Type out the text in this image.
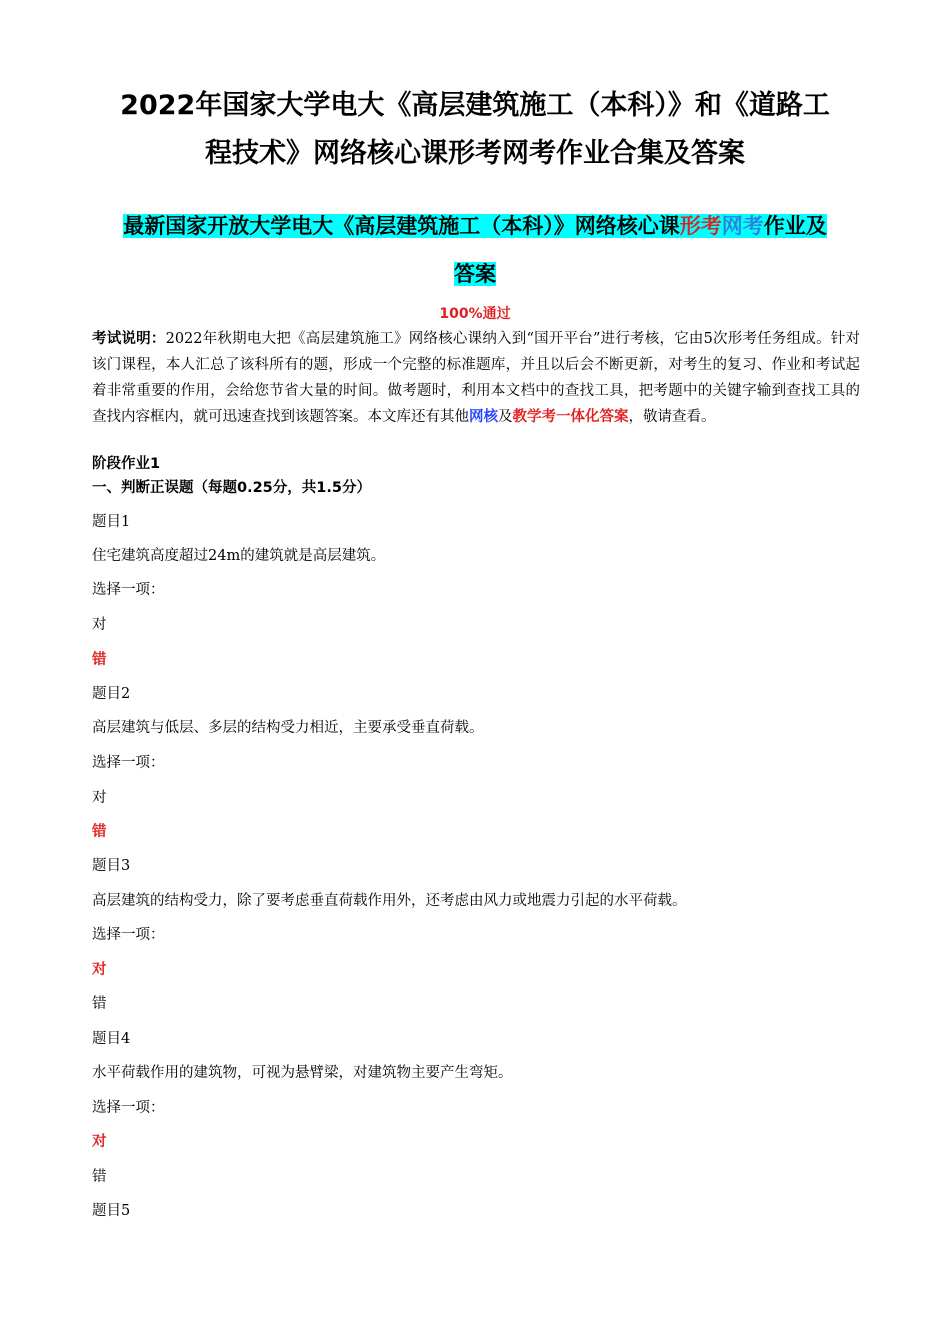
2022年国家大学电大《高层建筑施工（本科）》和《道路工
程技术》网络核心课形考网考作业合集及答案
最新国家开放大学电大《高层建筑施工（本科）》网络核心课形考网考作业及
答案
100%通过
考试说明：2022年秋期电大把《高层建筑施工》网络核心课纳入到“国开平台”进行考核，它由5次形考任务组成。针对该门课程，本人汇总了该科所有的题，形成一个完整的标准题库，并且以后会不断更新，对考生的复习、作业和考试起着非常重要的作用，会给您节省大量的时间。做考题时，利用本文档中的查找工具，把考题中的关键字输到查找工具的查找内容框内，就可迅速查找到该题答案。本文库还有其他网核及教学考一体化答案，敬请查看。
阶段作业1
一、判断正误题（每题0.25分，共1.5分）
题目1
住宅建筑高度超过24m的建筑就是高层建筑。
选择一项：
对
错
题目2
高层建筑与低层、多层的结构受力相近，主要承受垂直荷载。
选择一项：
对
错
题目3
高层建筑的结构受力，除了要考虑垂直荷载作用外，还考虑由风力或地震力引起的水平荷载。
选择一项：
对
错
题目4
水平荷载作用的建筑物，可视为悬臂梁，对建筑物主要产生弯矩。
选择一项：
对
错
题目5
